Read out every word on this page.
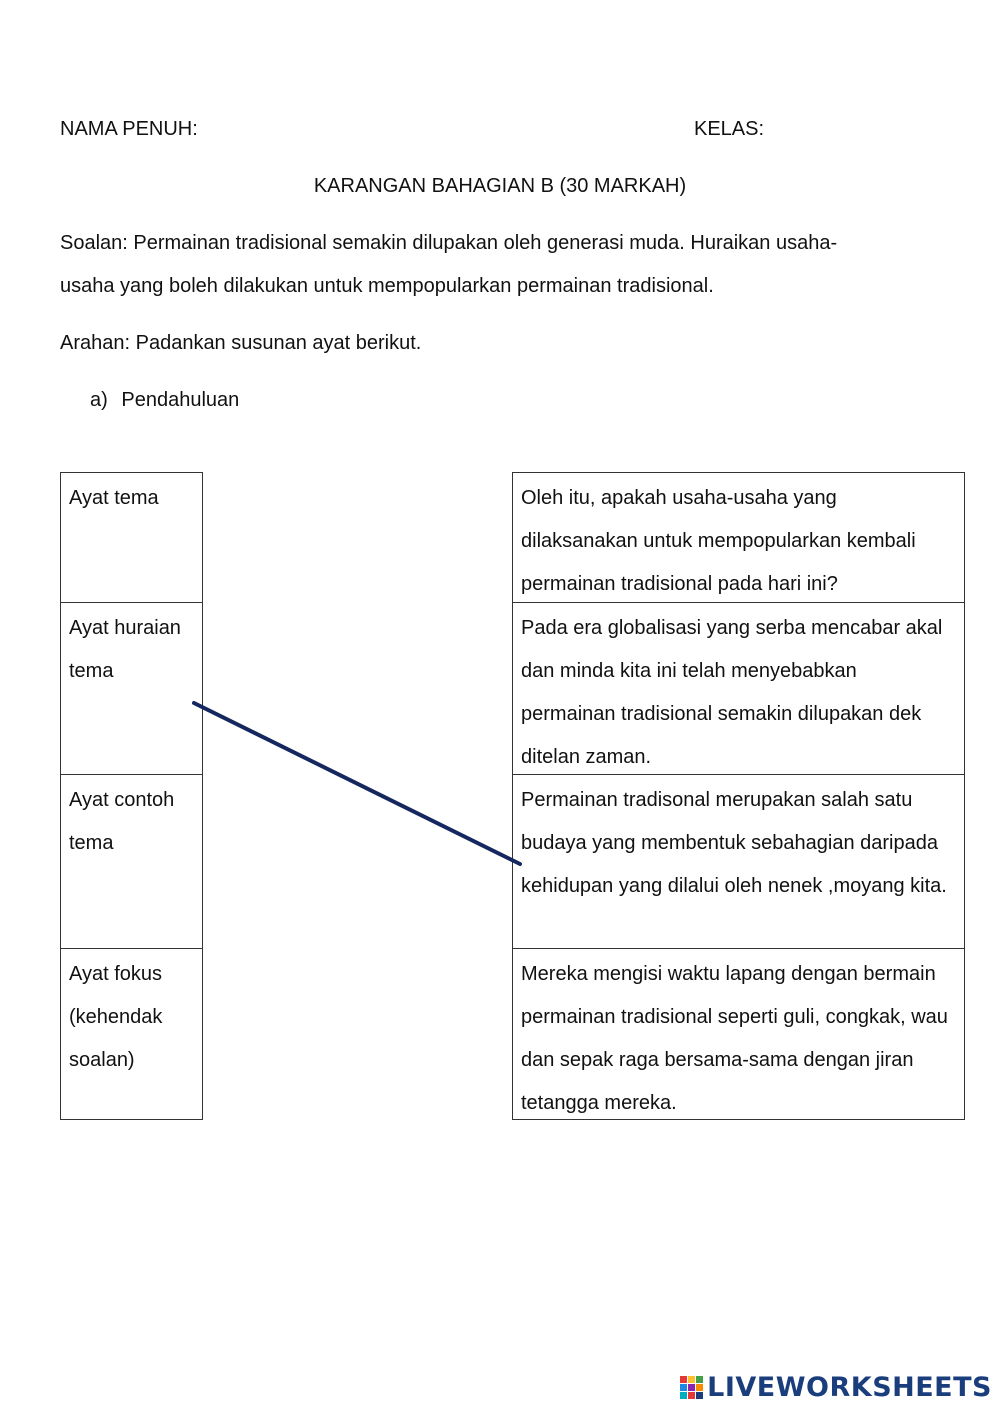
NAMA PENUH:	KELAS:

KARANGAN BAHAGIAN B (30 MARKAH)

Soalan: Permainan tradisional semakin dilupakan oleh generasi muda. Huraikan usaha-
usaha yang boleh dilakukan untuk mempopularkan permainan tradisional.

Arahan: Padankan susunan ayat berikut.

a) Pendahuluan
Ayat tema
Ayat huraian
tema
Ayat contoh
tema
Ayat fokus
(kehendak
soalan)
Oleh itu, apakah usaha-usaha yang dilaksanakan untuk mempopularkan kembali permainan tradisional pada hari ini?
Pada era globalisasi yang serba mencabar akal dan minda kita ini telah menyebabkan permainan tradisional semakin dilupakan dek ditelan zaman.
Permainan tradisonal merupakan salah satu budaya yang membentuk sebahagian daripada kehidupan yang dilalui oleh nenek ,moyang kita.
Mereka mengisi waktu lapang dengan bermain permainan tradisional seperti guli, congkak, wau dan sepak raga bersama-sama dengan jiran tetangga mereka.
LIVEWORKSHEETS
